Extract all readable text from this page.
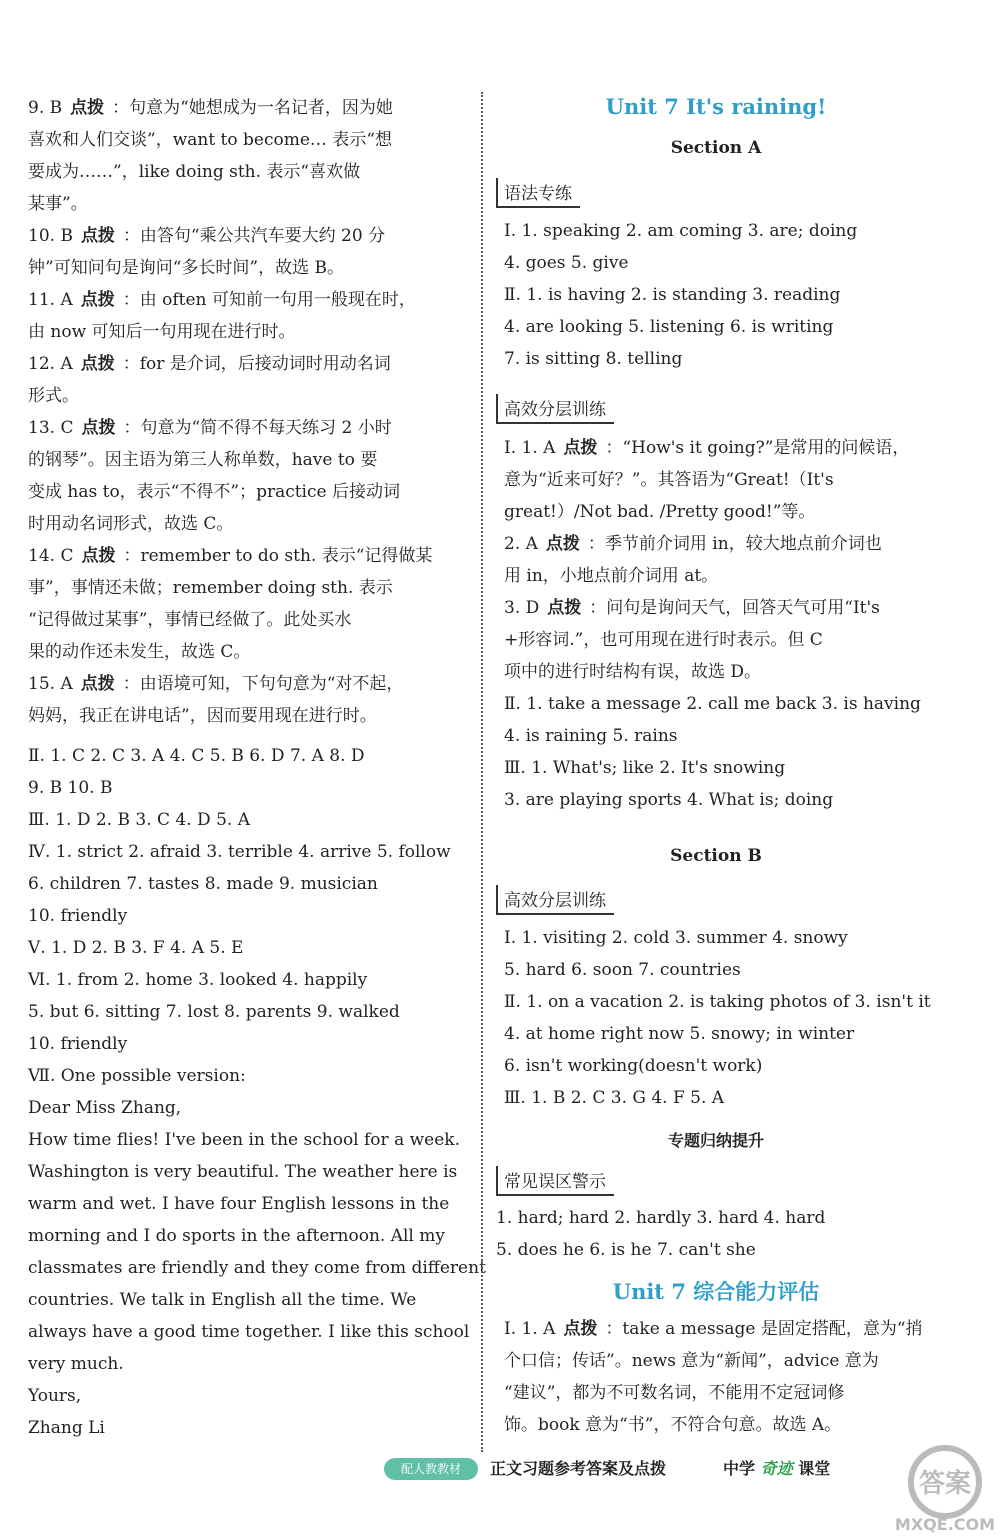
9. B 点拨 ：句意为“她想成为一名记者，因为她

喜欢和人们交谈”，want to become… 表示“想

要成为……”，like doing sth. 表示“喜欢做

某事”。

10. B 点拨 ：由答句“乘公共汽车要大约 20 分

钟”可知问句是询问“多长时间”，故选 B。

11. A 点拨 ：由 often 可知前一句用一般现在时，

由 now 可知后一句用现在进行时。

12. A 点拨 ：for 是介词，后接动词时用动名词

形式。

13. C 点拨 ：句意为“简不得不每天练习 2 小时

的钢琴”。因主语为第三人称单数，have to 要

变成 has to，表示“不得不”；practice 后接动词

时用动名词形式，故选 C。

14. C 点拨 ：remember to do sth. 表示“记得做某

事”，事情还未做；remember doing sth. 表示

“记得做过某事”，事情已经做了。此处买水

果的动作还未发生，故选 C。

15. A 点拨 ：由语境可知，下句句意为“对不起，

妈妈，我正在讲电话”，因而要用现在进行时。

Ⅱ. 1. C 2. C 3. A 4. C 5. B 6. D 7. A 8. D

9. B 10. B

Ⅲ. 1. D 2. B 3. C 4. D 5. A

Ⅳ. 1. strict 2. afraid 3. terrible 4. arrive 5. follow

6. children 7. tastes 8. made 9. musician

10. friendly

Ⅴ. 1. D 2. B 3. F 4. A 5. E

Ⅵ. 1. from 2. home 3. looked 4. happily

5. but 6. sitting 7. lost 8. parents 9. walked

10. friendly

Ⅶ. One possible version:

Dear Miss Zhang,

How time flies! I've been in the school for a week.

Washington is very beautiful. The weather here is

warm and wet. I have four English lessons in the

morning and I do sports in the afternoon. All my

classmates are friendly and they come from different

countries. We talk in English all the time. We

always have a good time together. I like this school

very much.

Yours,

Zhang Li

Unit 7 It's raining!
Section A
语法专练

Ⅰ. 1. speaking 2. am coming 3. are; doing

4. goes 5. give

Ⅱ. 1. is having 2. is standing 3. reading

4. are looking 5. listening 6. is writing

7. is sitting 8. telling

高效分层训练

Ⅰ. 1. A 点拨 ：“How's it going?”是常用的问候语，

意为“近来可好？”。其答语为“Great!（It's

great!）/Not bad. /Pretty good!”等。

2. A 点拨 ：季节前介词用 in，较大地点前介词也

用 in，小地点前介词用 at。

3. D 点拨 ：问句是询问天气，回答天气可用“It's

+形容词.”，也可用现在进行时表示。但 C

项中的进行时结构有误，故选 D。

Ⅱ. 1. take a message 2. call me back 3. is having

4. is raining 5. rains

Ⅲ. 1. What's; like 2. It's snowing

3. are playing sports 4. What is; doing

Section B
高效分层训练

Ⅰ. 1. visiting 2. cold 3. summer 4. snowy

5. hard 6. soon 7. countries

Ⅱ. 1. on a vacation 2. is taking photos of 3. isn't it

4. at home right now 5. snowy; in winter

6. isn't working(doesn't work)

Ⅲ. 1. B 2. C 3. G 4. F 5. A

专题归纳提升
常见误区警示

1. hard; hard 2. hardly 3. hard 4. hard

5. does he 6. is he 7. can't she

Unit 7 综合能力评估

Ⅰ. 1. A 点拨 ：take a message 是固定搭配，意为“捎

个口信；传话”。news 意为“新闻”，advice 意为

“建议”，都为不可数名词，不能用不定冠词修

饰。book 意为“书”，不符合句意。故选 A。

配人教教材	正文习题参考答案及点拨	中学 奇迹 课堂
答案
MXQE.COM
